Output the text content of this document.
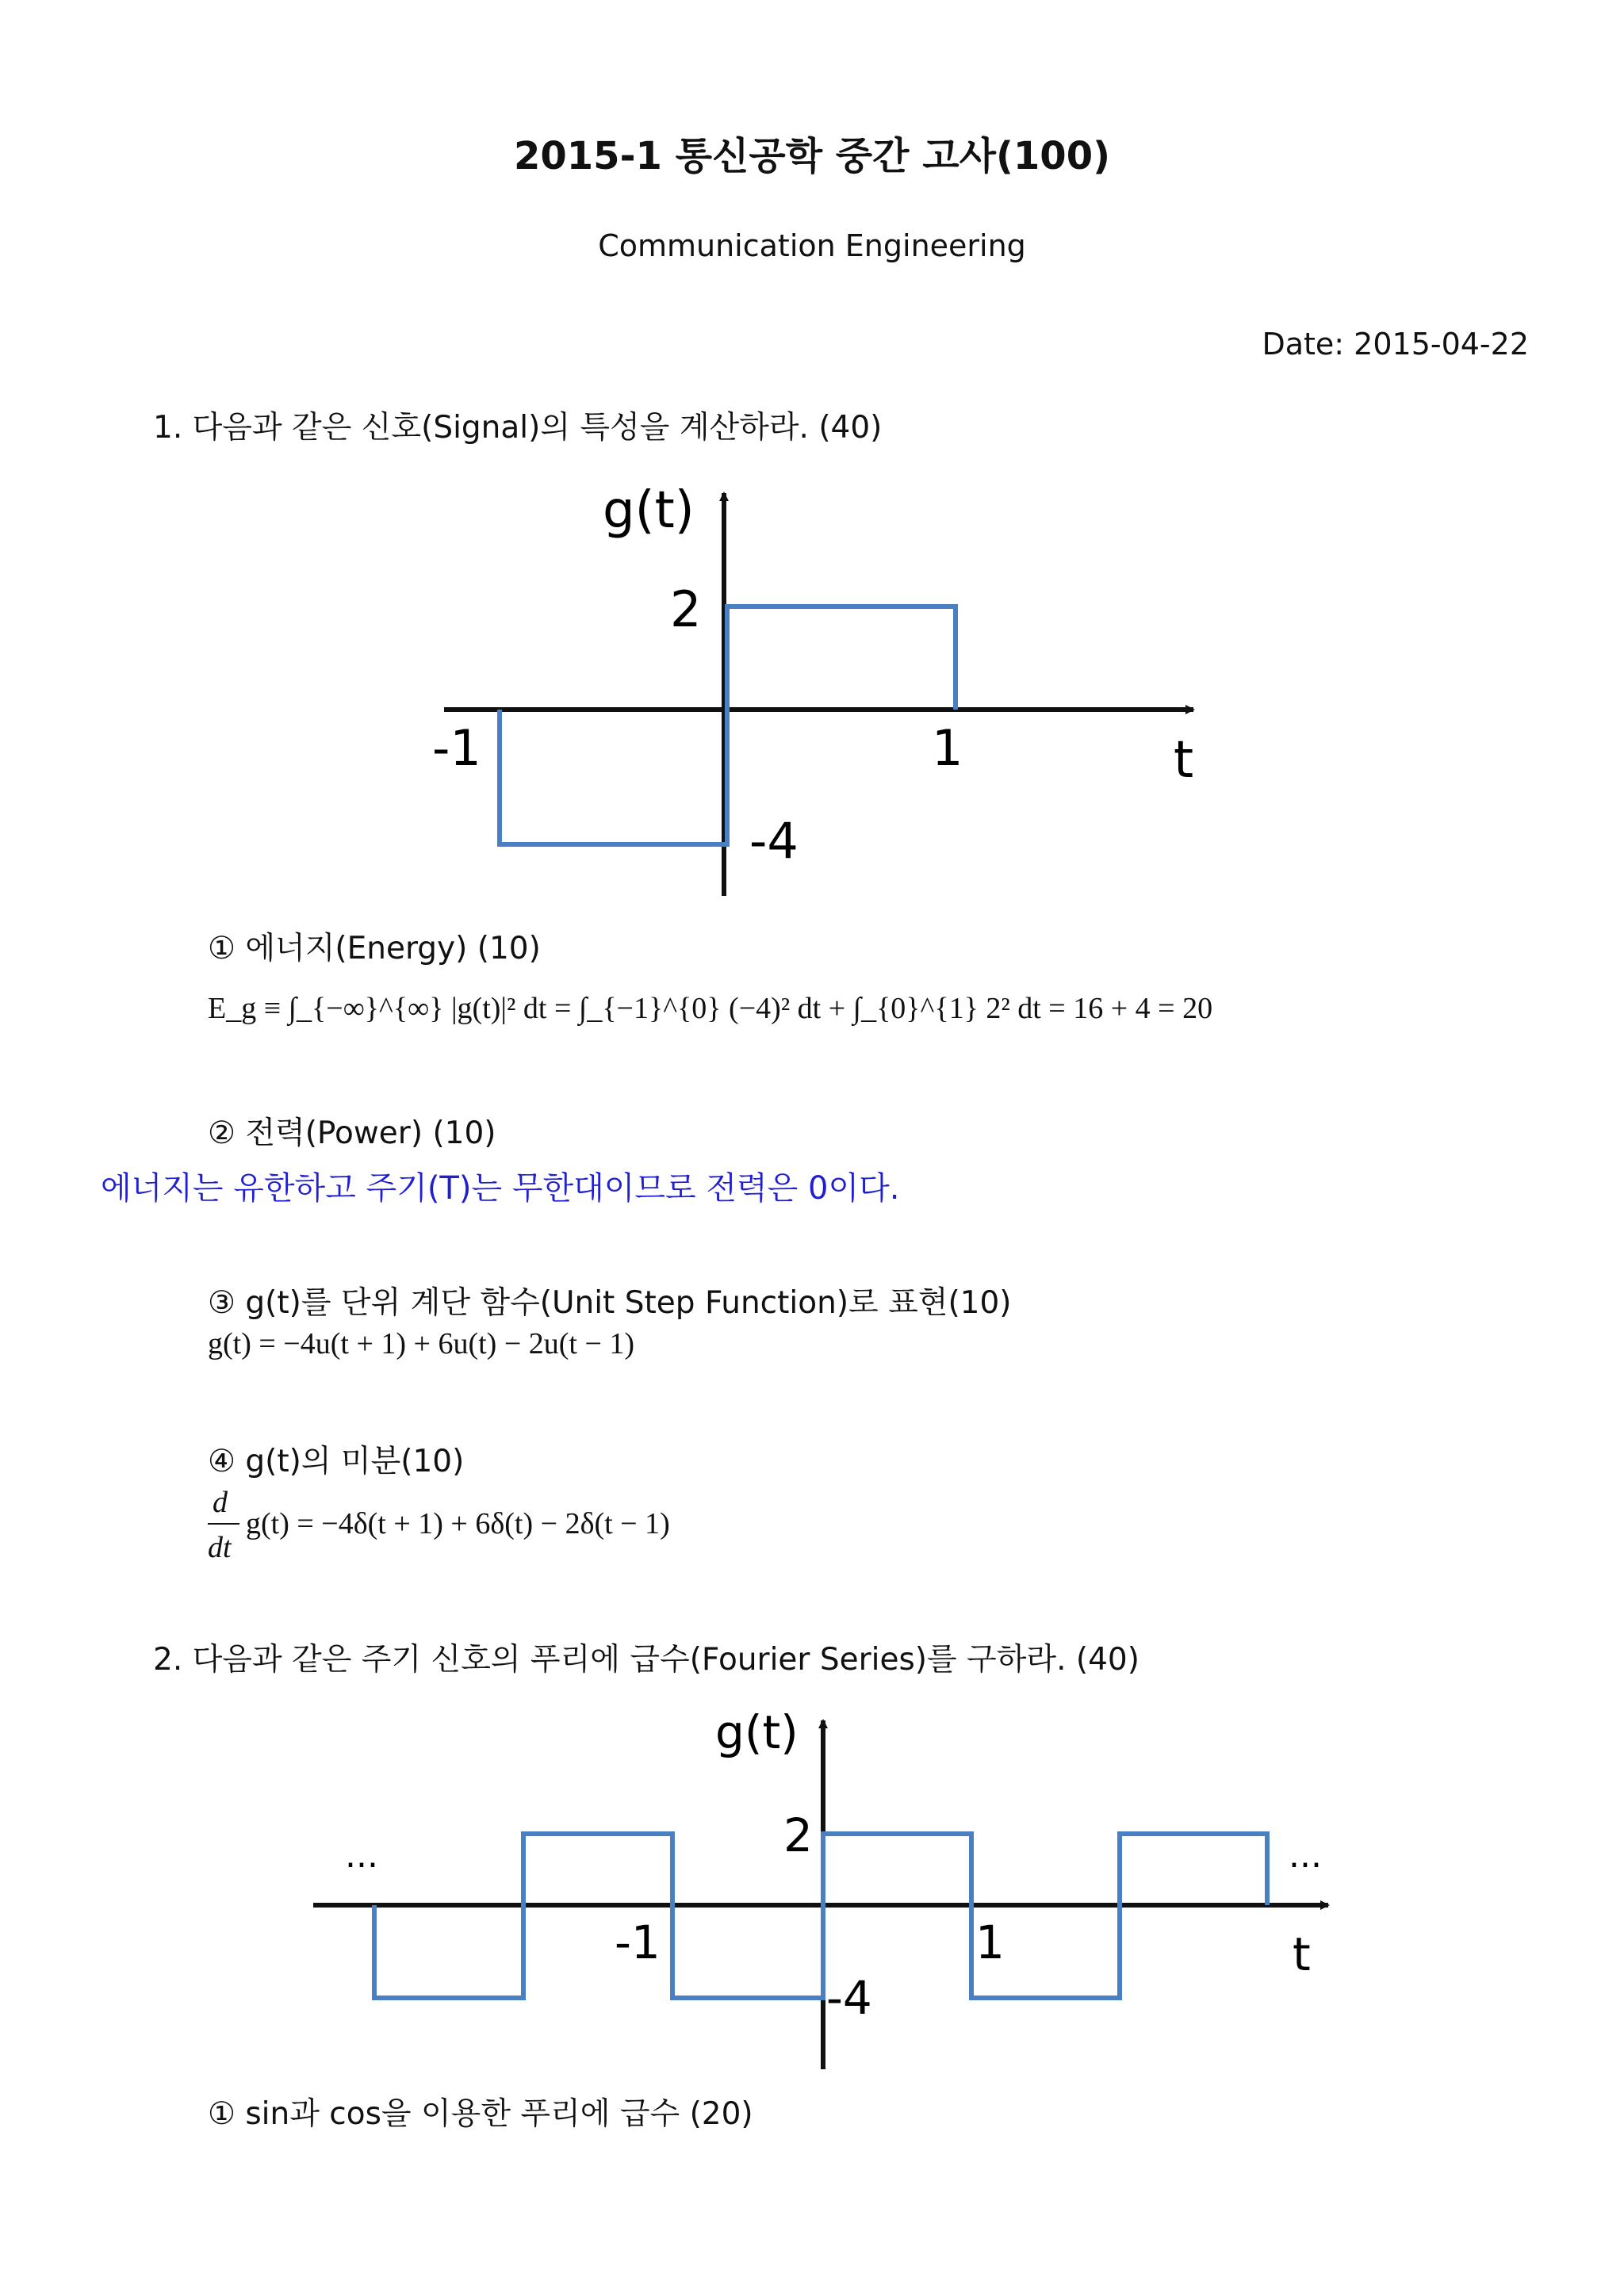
2015-1 통신공학 중간 고사(100)
Communication Engineering
Date: 2015-04-22
1. 다음과 같은 신호(Signal)의 특성을 계산하라. (40)
g(t)
2
-4
-1	1	t
① 에너지(Energy) (10)
E_g ≡ ∫_{−∞}^{∞} |g(t)|² dt = ∫_{−1}^{0} (−4)² dt + ∫_{0}^{1} 2² dt = 16 + 4 = 20
② 전력(Power) (10)
에너지는 유한하고 주기(T)는 무한대이므로 전력은 0이다.
③ g(t)를 단위 계단 함수(Unit Step Function)로 표현(10)
g(t) = −4u(t + 1) + 6u(t) − 2u(t − 1)
④ g(t)의 미분(10)
d
dt
g(t) = −4δ(t + 1) + 6δ(t) − 2δ(t − 1)
2. 다음과 같은 주기 신호의 푸리에 급수(Fourier Series)를 구하라. (40)
g(t)
2
-4
-1	1	t
...	...
① sin과 cos을 이용한 푸리에 급수 (20)
